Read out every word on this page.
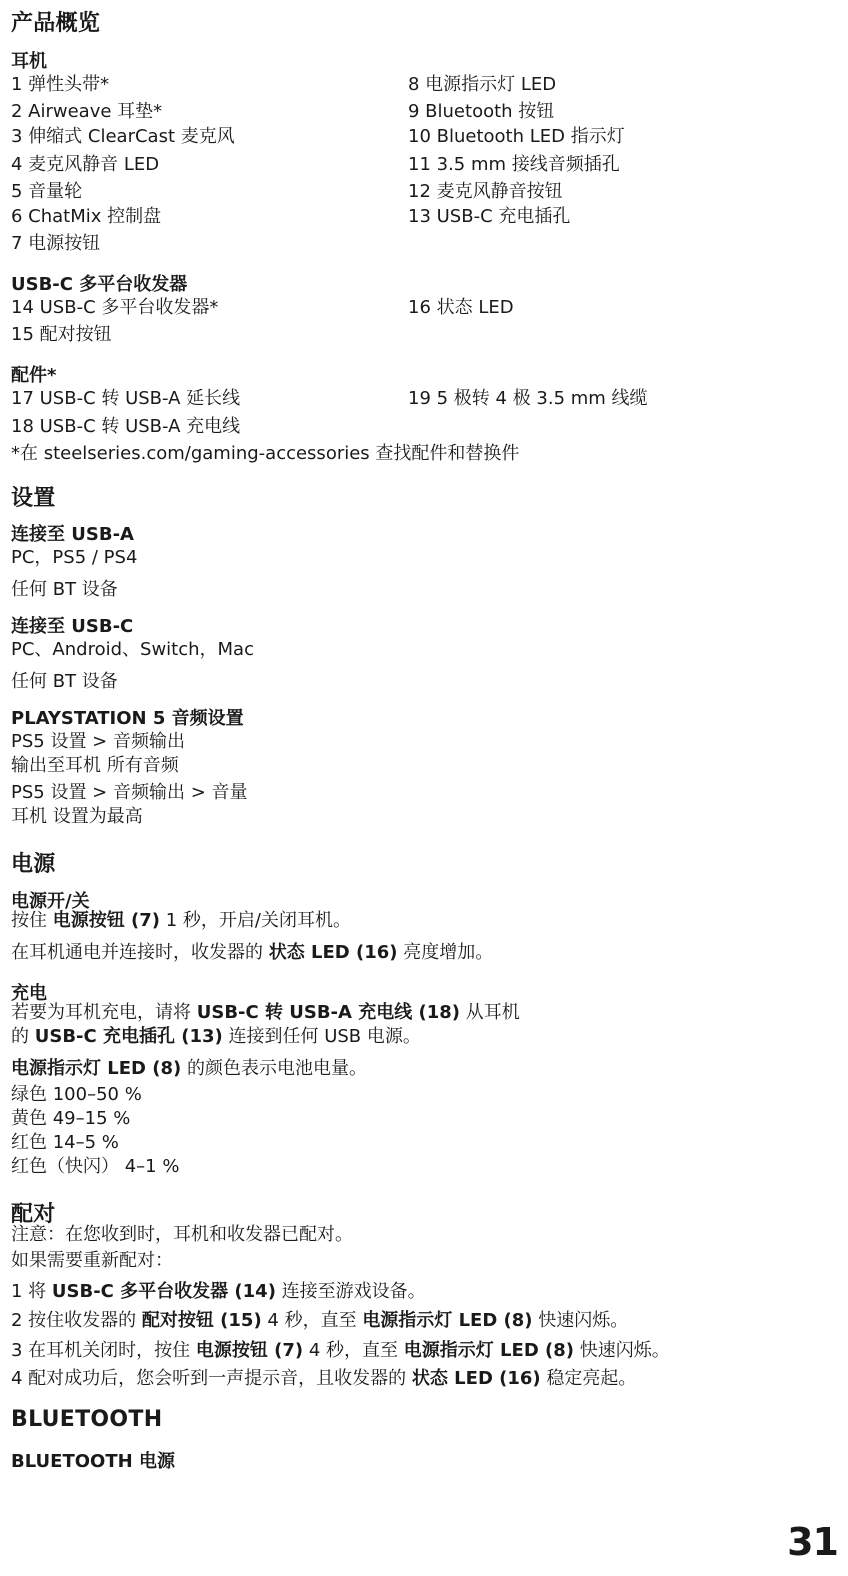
产品概览
耳机
1 弹性头带*
2 Airweave 耳垫*
3 伸缩式 ClearCast 麦克风
4 麦克风静音 LED
5 音量轮
6 ChatMix 控制盘
7 电源按钮
8 电源指示灯 LED
9 Bluetooth 按钮
10 Bluetooth LED 指示灯
11 3.5 mm 接线音频插孔
12 麦克风静音按钮
13 USB-C 充电插孔
USB-C 多平台收发器
14 USB-C 多平台收发器*
15 配对按钮
16 状态 LED
配件*
17 USB-C 转 USB-A 延长线
18 USB-C 转 USB-A 充电线
19 5 极转 4 极 3.5 mm 线缆
*在 steelseries.com/gaming-accessories 查找配件和替换件
设置
连接至 USB-A
PC，PS5 / PS4
任何 BT 设备
连接至 USB-C
PC、Android、Switch，Mac
任何 BT 设备
PLAYSTATION 5 音频设置
PS5 设置 > 音频输出
输出至耳机 所有音频
PS5 设置 > 音频输出 > 音量
耳机 设置为最高
电源
电源开/关
按住 电源按钮 (7) 1 秒，开启/关闭耳机。
在耳机通电并连接时，收发器的 状态 LED (16) 亮度增加。
充电
若要为耳机充电，请将 USB-C 转 USB-A 充电线 (18) 从耳机
的 USB-C 充电插孔 (13) 连接到任何 USB 电源。
电源指示灯 LED (8) 的颜色表示电池电量。
绿色 100–50 %
黄色 49–15 %
红色 14–5 %
红色（快闪） 4–1 %
配对
注意：在您收到时，耳机和收发器已配对。
如果需要重新配对：
1 将 USB-C 多平台收发器 (14) 连接至游戏设备。
2 按住收发器的 配对按钮 (15) 4 秒，直至 电源指示灯 LED (8) 快速闪烁。
3 在耳机关闭时，按住 电源按钮 (7) 4 秒，直至 电源指示灯 LED (8) 快速闪烁。
4 配对成功后，您会听到一声提示音，且收发器的 状态 LED (16) 稳定亮起。
BLUETOOTH
BLUETOOTH 电源
31
